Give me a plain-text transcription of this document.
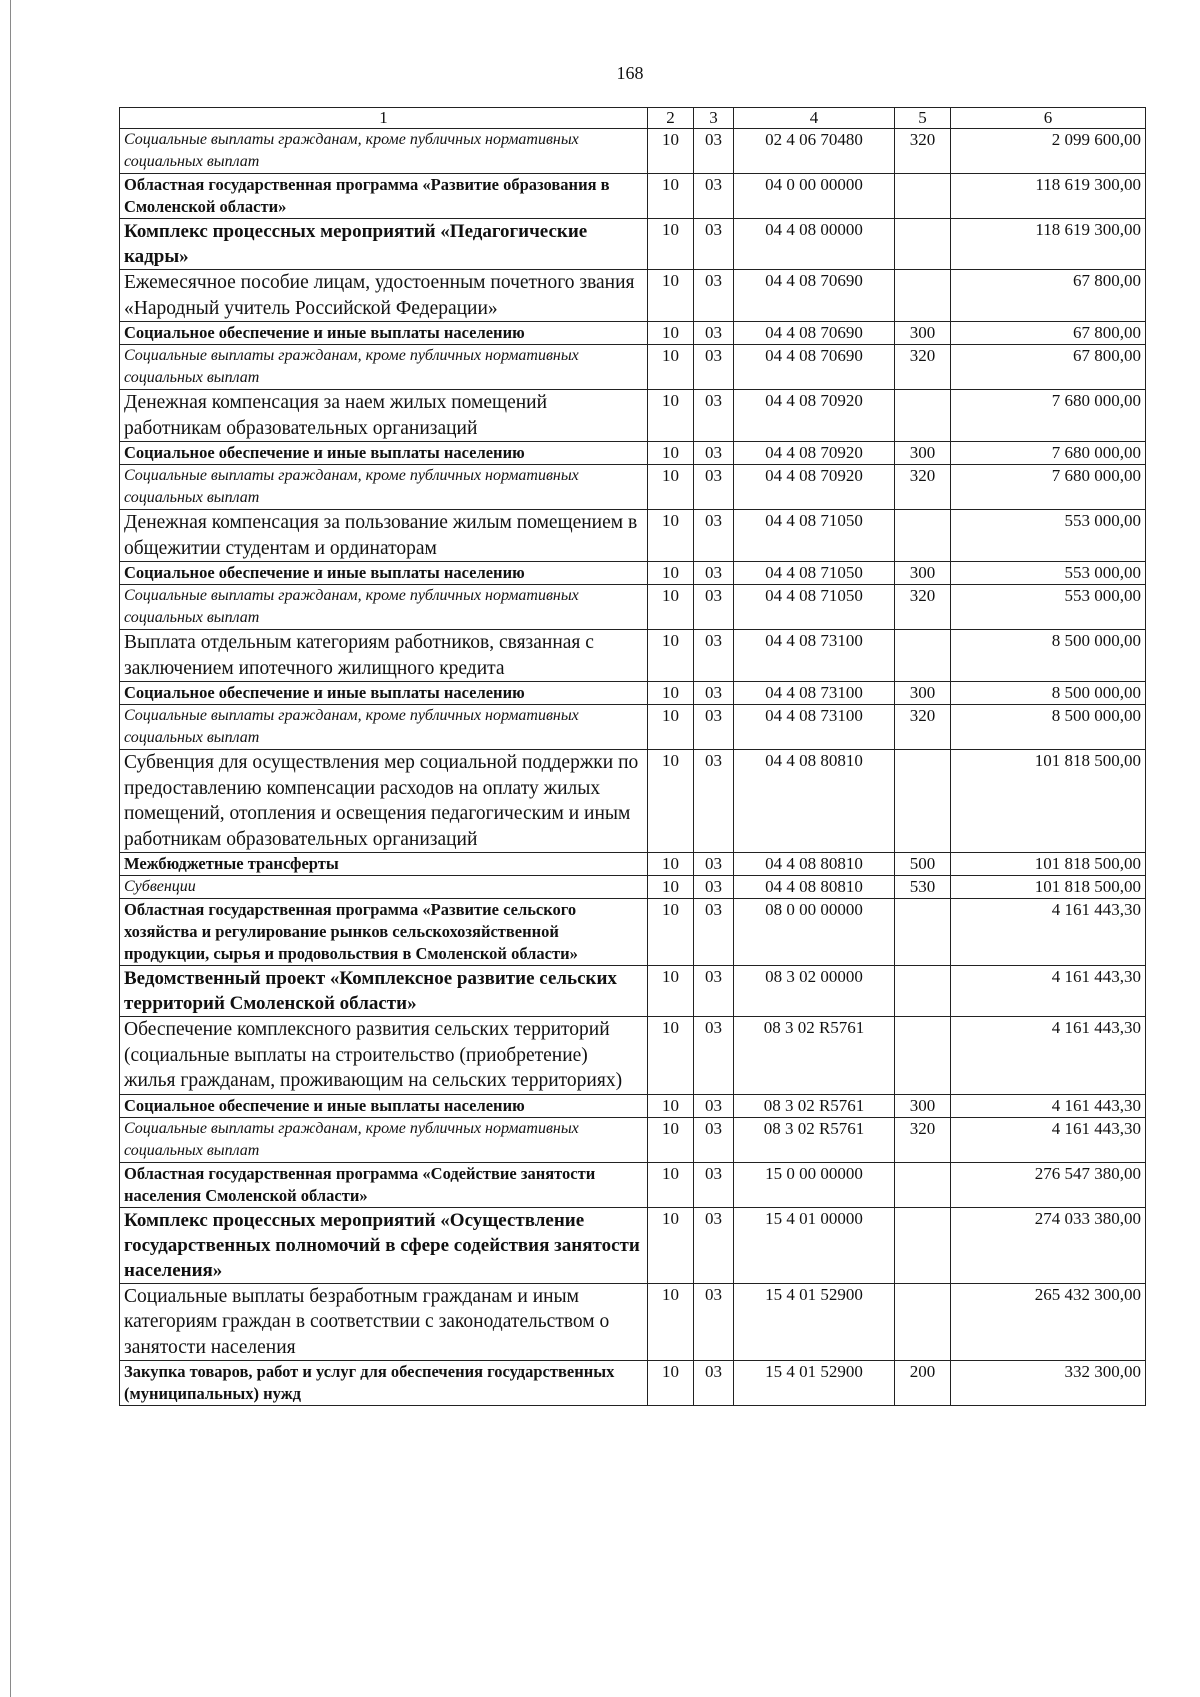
168
1	2	3	4	5	6
Социальные выплаты гражданам, кроме публичных нормативных социальных выплат	10	03	02 4 06 70480	320	2 099 600,00
Областная государственная программа «Развитие образования в Смоленской области»	10	03	04 0 00 00000		118 619 300,00
Комплекс процессных мероприятий «Педагогические кадры»	10	03	04 4 08 00000		118 619 300,00
Ежемесячное пособие лицам, удостоенным почетного звания «Народный учитель Российской Федерации»	10	03	04 4 08 70690		67 800,00
Социальное обеспечение и иные выплаты населению	10	03	04 4 08 70690	300	67 800,00
Социальные выплаты гражданам, кроме публичных нормативных социальных выплат	10	03	04 4 08 70690	320	67 800,00
Денежная компенсация за наем жилых помещений работникам образовательных организаций	10	03	04 4 08 70920		7 680 000,00
Социальное обеспечение и иные выплаты населению	10	03	04 4 08 70920	300	7 680 000,00
Социальные выплаты гражданам, кроме публичных нормативных социальных выплат	10	03	04 4 08 70920	320	7 680 000,00
Денежная компенсация за пользование жилым помещением в общежитии студентам и ординаторам	10	03	04 4 08 71050		553 000,00
Социальное обеспечение и иные выплаты населению	10	03	04 4 08 71050	300	553 000,00
Социальные выплаты гражданам, кроме публичных нормативных социальных выплат	10	03	04 4 08 71050	320	553 000,00
Выплата отдельным категориям работников, связанная с заключением ипотечного жилищного кредита	10	03	04 4 08 73100		8 500 000,00
Социальное обеспечение и иные выплаты населению	10	03	04 4 08 73100	300	8 500 000,00
Социальные выплаты гражданам, кроме публичных нормативных социальных выплат	10	03	04 4 08 73100	320	8 500 000,00
Субвенция для осуществления мер социальной поддержки по предоставлению компенсации расходов на оплату жилых помещений, отопления и освещения педагогическим и иным работникам образовательных организаций	10	03	04 4 08 80810		101 818 500,00
Межбюджетные трансферты	10	03	04 4 08 80810	500	101 818 500,00
Субвенции	10	03	04 4 08 80810	530	101 818 500,00
Областная государственная программа «Развитие сельского хозяйства и регулирование рынков сельскохозяйственной продукции, сырья и продовольствия в Смоленской области»	10	03	08 0 00 00000		4 161 443,30
Ведомственный проект «Комплексное развитие сельских территорий Смоленской области»	10	03	08 3 02 00000		4 161 443,30
Обеспечение комплексного развития сельских территорий (социальные выплаты на строительство (приобретение) жилья гражданам, проживающим на сельских территориях)	10	03	08 3 02 R5761		4 161 443,30
Социальное обеспечение и иные выплаты населению	10	03	08 3 02 R5761	300	4 161 443,30
Социальные выплаты гражданам, кроме публичных нормативных социальных выплат	10	03	08 3 02 R5761	320	4 161 443,30
Областная государственная программа «Содействие занятости населения Смоленской области»	10	03	15 0 00 00000		276 547 380,00
Комплекс процессных мероприятий «Осуществление государственных полномочий в сфере содействия занятости населения»	10	03	15 4 01 00000		274 033 380,00
Социальные выплаты безработным гражданам и иным категориям граждан в соответствии с законодательством о занятости населения	10	03	15 4 01 52900		265 432 300,00
Закупка товаров, работ и услуг для обеспечения государственных (муниципальных) нужд	10	03	15 4 01 52900	200	332 300,00
